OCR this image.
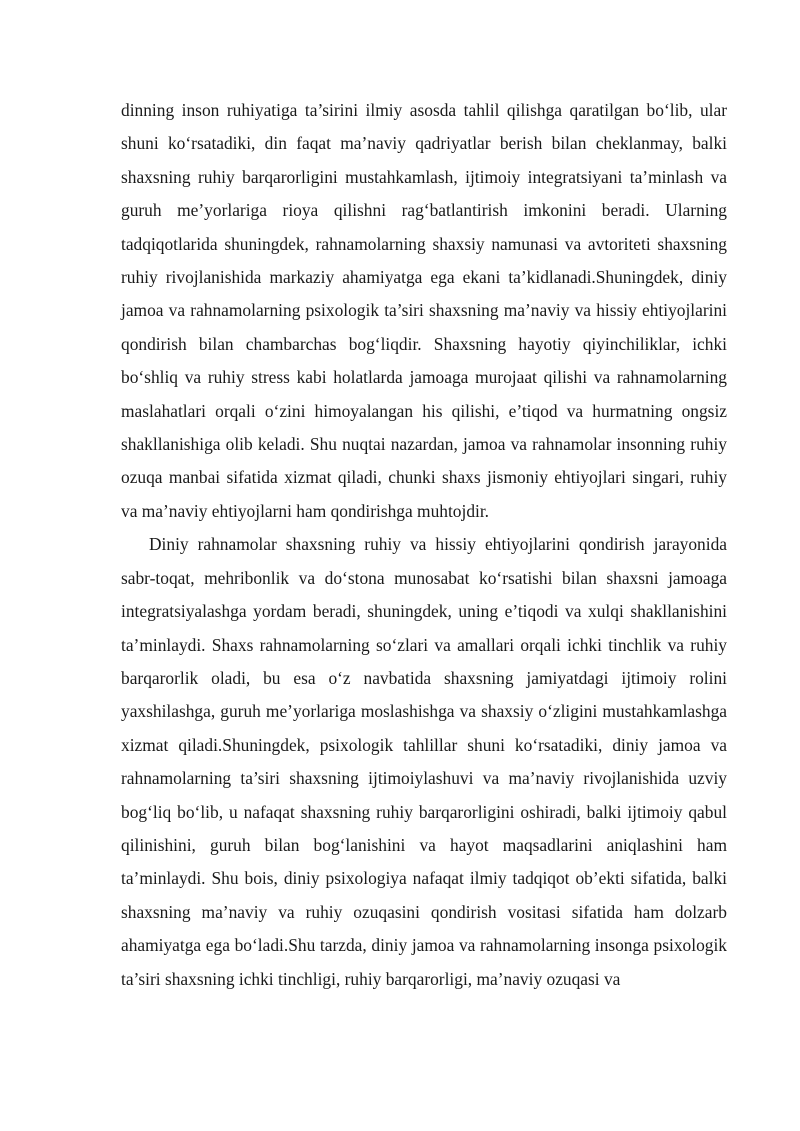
dinning inson ruhiyatiga ta’sirini ilmiy asosda tahlil qilishga qaratilgan bo‘lib, ular shuni ko‘rsatadiki, din faqat ma’naviy qadriyatlar berish bilan cheklanmay, balki shaxsning ruhiy barqarorligini mustahkamlash, ijtimoiy integratsiyani ta’minlash va guruh me’yorlariga rioya qilishni rag‘batlantirish imkonini beradi. Ularning tadqiqotlarida shuningdek, rahnamolarning shaxsiy namunasi va avtoriteti shaxsning ruhiy rivojlanishida markaziy ahamiyatga ega ekani ta’kidlanadi.Shuningdek, diniy jamoa va rahnamolarning psixologik ta’siri shaxsning ma’naviy va hissiy ehtiyojlarini qondirish bilan chambarchas bog‘liqdir. Shaxsning hayotiy qiyinchiliklar, ichki bo‘shliq va ruhiy stress kabi holatlarda jamoaga murojaat qilishi va rahnamolarning maslahatlari orqali o‘zini himoyalangan his qilishi, e’tiqod va hurmatning ongsiz shakllanishiga olib keladi. Shu nuqtai nazardan, jamoa va rahnamolar insonning ruhiy ozuqa manbai sifatida xizmat qiladi, chunki shaxs jismoniy ehtiyojlari singari, ruhiy va ma’naviy ehtiyojlarni ham qondirishga muhtojdir.

Diniy rahnamolar shaxsning ruhiy va hissiy ehtiyojlarini qondirish jarayonida sabr-toqat, mehribonlik va do‘stona munosabat ko‘rsatishi bilan shaxsni jamoaga integratsiyalashga yordam beradi, shuningdek, uning e’tiqodi va xulqi shakllanishini ta’minlaydi. Shaxs rahnamolarning so‘zlari va amallari orqali ichki tinchlik va ruhiy barqarorlik oladi, bu esa o‘z navbatida shaxsning jamiyatdagi ijtimoiy rolini yaxshilashga, guruh me’yorlariga moslashishga va shaxsiy o‘zligini mustahkamlashga xizmat qiladi.Shuningdek, psixologik tahlillar shuni ko‘rsatadiki, diniy jamoa va rahnamolarning ta’siri shaxsning ijtimoiylashuvi va ma’naviy rivojlanishida uzviy bog‘liq bo‘lib, u nafaqat shaxsning ruhiy barqarorligini oshiradi, balki ijtimoiy qabul qilinishini, guruh bilan bog‘lanishini va hayot maqsadlarini aniqlashini ham ta’minlaydi. Shu bois, diniy psixologiya nafaqat ilmiy tadqiqot ob’ekti sifatida, balki shaxsning ma’naviy va ruhiy ozuqasini qondirish vositasi sifatida ham dolzarb ahamiyatga ega bo‘ladi.Shu tarzda, diniy jamoa va rahnamolarning insonga psixologik ta’siri shaxsning ichki tinchligi, ruhiy barqarorligi, ma’naviy ozuqasi va
